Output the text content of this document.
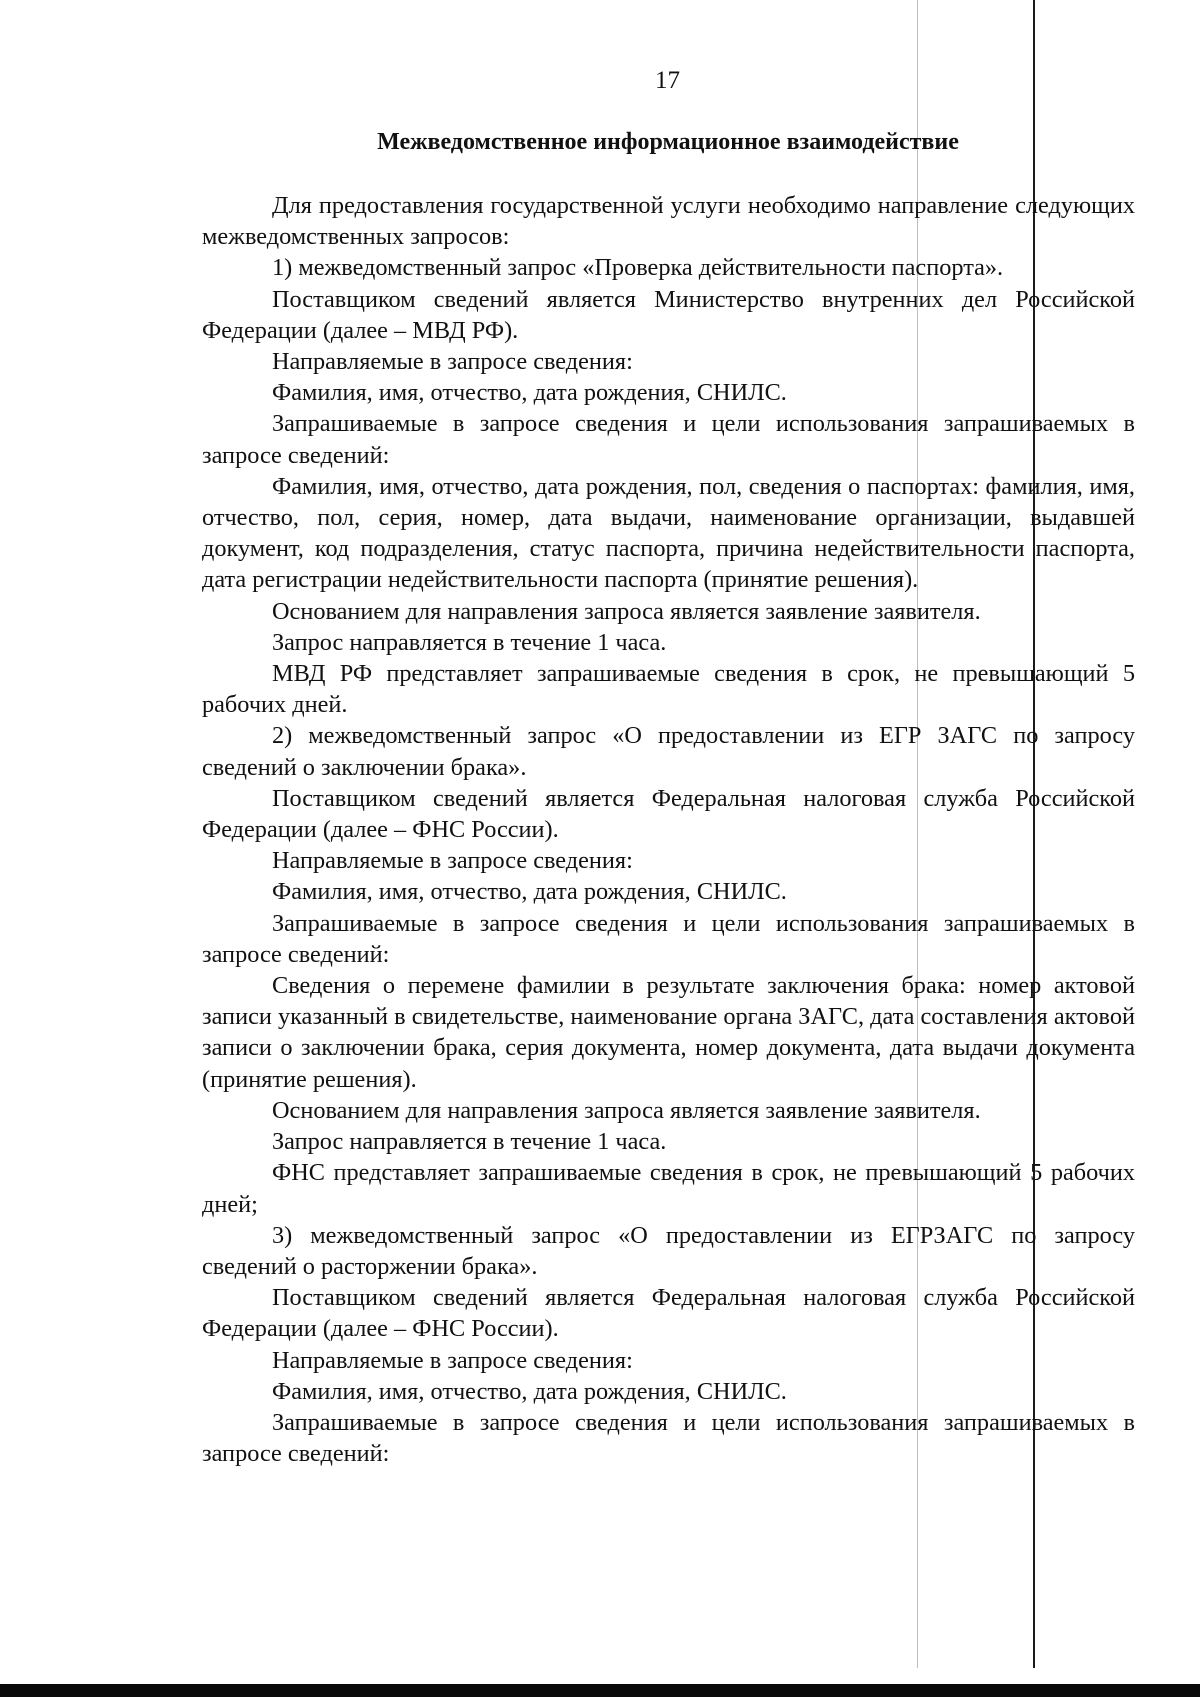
17
Межведомственное информационное взаимодействие

Для предоставления государственной услуги необходимо направление следующих межведомственных запросов:

1) межведомственный запрос «Проверка действительности паспорта».

Поставщиком сведений является Министерство внутренних дел Российской Федерации (далее – МВД РФ).

Направляемые в запросе сведения:

Фамилия, имя, отчество, дата рождения, СНИЛС.

Запрашиваемые в запросе сведения и цели использования запрашиваемых в запросе сведений:

Фамилия, имя, отчество, дата рождения, пол, сведения о паспортах: фамилия, имя, отчество, пол, серия, номер, дата выдачи, наименование организации, выдавшей документ, код подразделения, статус паспорта, причина недействительности паспорта, дата регистрации недействительности паспорта (принятие решения).

Основанием для направления запроса является заявление заявителя.

Запрос направляется в течение 1 часа.

МВД РФ представляет запрашиваемые сведения в срок, не превышающий 5 рабочих дней.

2) межведомственный запрос «О предоставлении из ЕГР ЗАГС по запросу сведений о заключении брака».

Поставщиком сведений является Федеральная налоговая служба Российской Федерации (далее – ФНС России).

Направляемые в запросе сведения:

Фамилия, имя, отчество, дата рождения, СНИЛС.

Запрашиваемые в запросе сведения и цели использования запрашиваемых в запросе сведений:

Сведения о перемене фамилии в результате заключения брака: номер актовой записи указанный в свидетельстве, наименование органа ЗАГС, дата составления актовой записи о заключении брака, серия документа, номер документа, дата выдачи документа (принятие решения).

Основанием для направления запроса является заявление заявителя.

Запрос направляется в течение 1 часа.

ФНС представляет запрашиваемые сведения в срок, не превышающий 5 рабочих дней;

3) межведомственный запрос «О предоставлении из ЕГРЗАГС по запросу сведений о расторжении брака».

Поставщиком сведений является Федеральная налоговая служба Российской Федерации (далее – ФНС России).

Направляемые в запросе сведения:

Фамилия, имя, отчество, дата рождения, СНИЛС.

Запрашиваемые в запросе сведения и цели использования запрашиваемых в запросе сведений:
